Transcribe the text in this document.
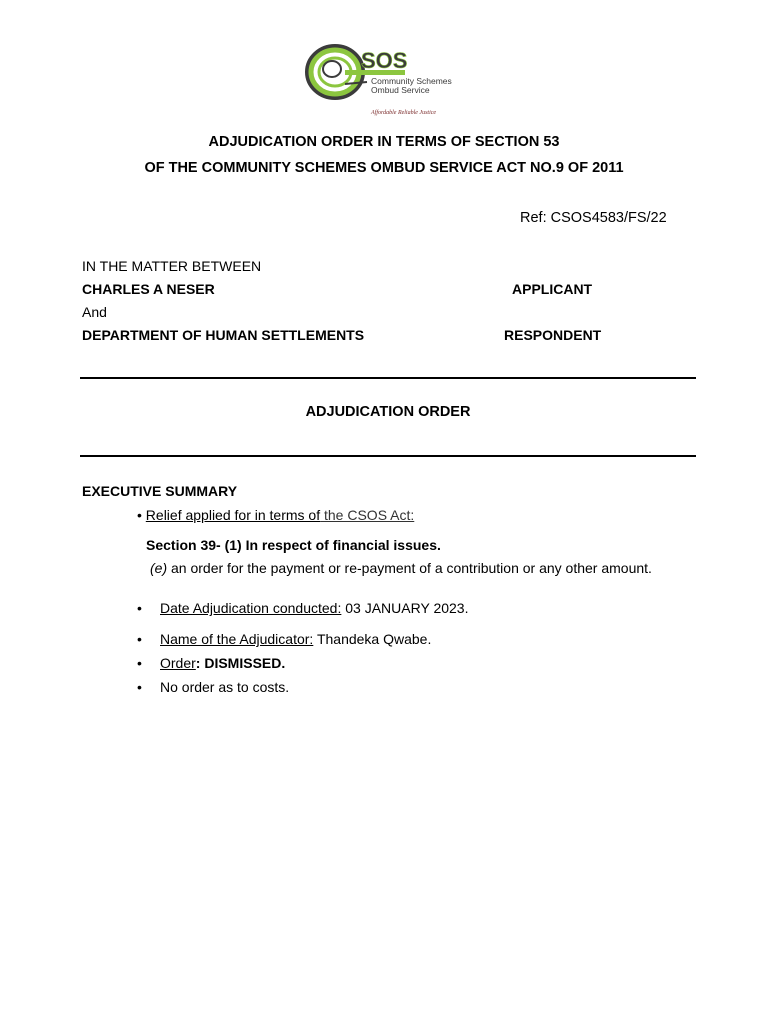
SOS
Community Schemes
Ombud Service
Affordable Reliable Justice
ADJUDICATION ORDER IN TERMS OF SECTION 53
OF THE COMMUNITY SCHEMES OMBUD SERVICE ACT NO.9 OF 2011
Ref: CSOS4583/FS/22
IN THE MATTER BETWEEN
CHARLES A NESER	APPLICANT
And
DEPARTMENT OF HUMAN SETTLEMENTS	RESPONDENT
ADJUDICATION ORDER
EXECUTIVE SUMMARY
• Relief applied for in terms of the CSOS Act:
Section 39- (1) In respect of financial issues.
(e) an order for the payment or re-payment of a contribution or any other amount.
• Date Adjudication conducted: 03 JANUARY 2023.
• Name of the Adjudicator: Thandeka Qwabe.
• Order: DISMISSED.
• No order as to costs.
